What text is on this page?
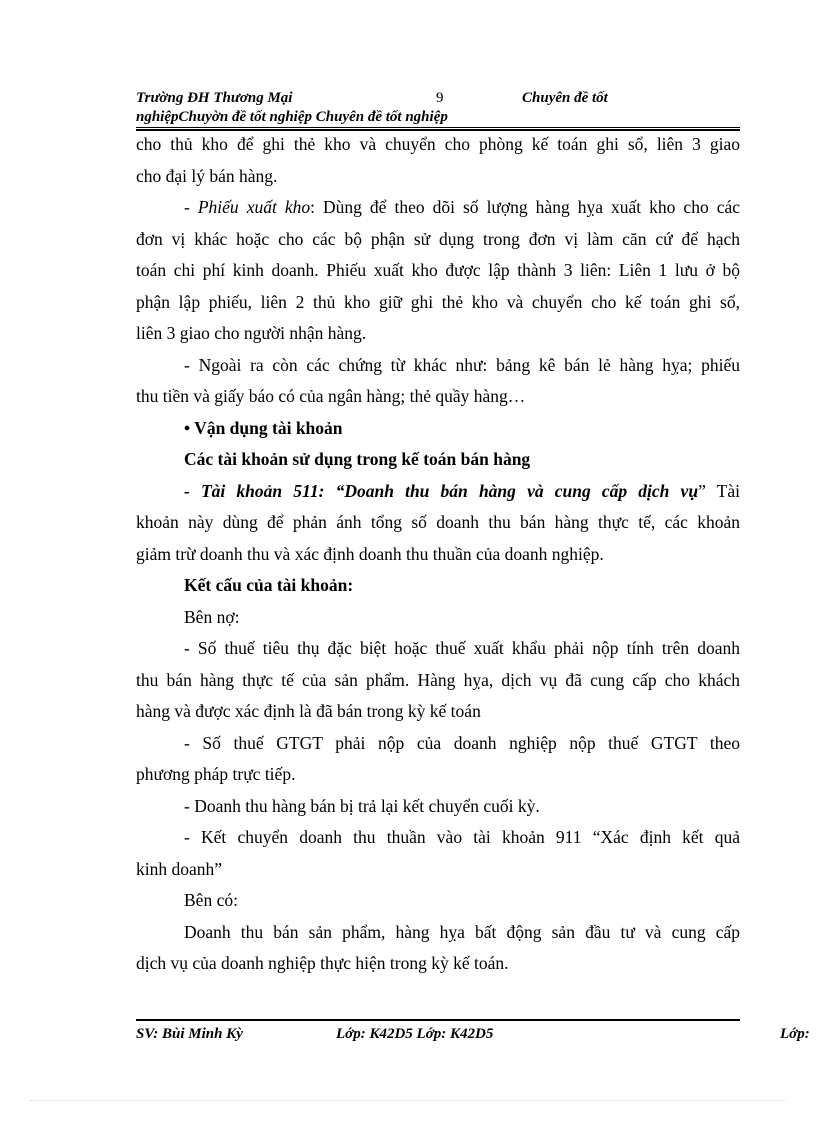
Trường ĐH Thương Mại	9	Chuyên đề tốt
nghiệpChuyờn đề tốt nghiệp Chuyên đề tốt nghiệp
cho thủ kho để ghi thẻ kho và chuyển cho phòng kế toán ghi sổ, liên 3 giao
cho đại lý bán hàng.
- Phiếu xuất kho: Dùng để theo dõi số lượng hàng hỵa xuất kho cho các
đơn vị khác hoặc cho các bộ phận sử dụng trong đơn vị làm căn cứ để hạch
toán chi phí kinh doanh. Phiếu xuất kho được lập thành 3 liên: Liên 1 lưu ở bộ
phận lập phiếu, liên 2 thủ kho giữ ghi thẻ kho và chuyển cho kế toán ghi sổ,
liên 3 giao cho người nhận hàng.
- Ngoài ra còn các chứng từ khác như: bảng kê bán lẻ hàng hỵa; phiếu
thu tiền và giấy báo có của ngân hàng; thẻ quầy hàng…
• Vận dụng tài khoản
Các tài khoản sử dụng trong kế toán bán hàng
- Tài khoản 511: “Doanh thu bán hàng và cung cấp dịch vụ” Tài
khoản này dùng để phản ánh tổng số doanh thu bán hàng thực tế, các khoản
giảm trừ doanh thu và xác định doanh thu thuần của doanh nghiệp.
Kết cấu của tài khoản:
Bên nợ:
- Số thuế tiêu thụ đặc biệt hoặc thuế xuất khẩu phải nộp tính trên doanh
thu bán hàng thực tế của sản phẩm. Hàng hỵa, dịch vụ đã cung cấp cho khách
hàng và được xác định là đã bán trong kỳ kế toán
- Số thuế GTGT phải nộp của doanh nghiệp nộp thuế GTGT theo
phương pháp trực tiếp.
- Doanh thu hàng bán bị trả lại kết chuyển cuối kỳ.
- Kết chuyển doanh thu thuần vào tài khoản 911 “Xác định kết quả
kinh doanh”
Bên có:
Doanh thu bán sản phẩm, hàng hỵa bất động sản đầu tư và cung cấp
dịch vụ của doanh nghiệp thực hiện trong kỳ kế toán.
SV: Bùi Minh Kỳ	Lớp: K42D5 Lớp: K42D5	Lớp:
